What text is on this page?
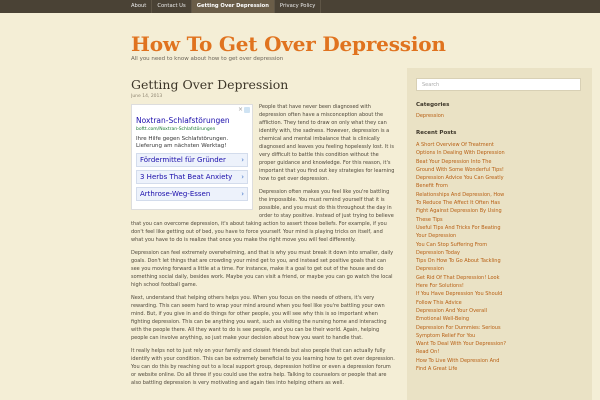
About	Contact Us	Getting Over Depression	Privacy Policy
How To Get Over Depression
All you need to know about how to get over depression
Getting Over Depression
June 14, 2013
×
Noxtran-Schlafstörungen
boftt.com/Noxtran-Schlafstörungen
Ihre Hilfe gegen Schlafstörungen. Lieferung am nächsten Werktag!
Fördermittel für Gründer ›
3 Herbs That Beat Anxiety ›
Arthrose-Weg-Essen	›

People that have never been diagnosed with depression often have a misconception about the affliction. They tend to draw on only what they can identify with, the sadness. However, depression is a chemical and mental imbalance that is clinically diagnosed and leaves you feeling hopelessly lost. It is very difficult to battle this condition without the proper guidance and knowledge. For this reason, it's important that you find out key strategies for learning how to get over depression.

Depression often makes you feel like you're battling the impossible. You must remind yourself that it is possible, and you must do this throughout the day in order to stay positive. Instead of just trying to believe that you can overcome depression, it's about taking action to assert those beliefs. For example, if you don't feel like getting out of bed, you have to force yourself. Your mind is playing tricks on itself, and what you have to do is realize that once you make the right move you will feel differently.

Depression can feel extremely overwhelming, and that is why you must break it down into smaller, daily goals. Don't let things that are crowding your mind get to you, and instead set positive goals that can see you moving forward a little at a time. For instance, make it a goal to get out of the house and do something social daily, besides work. Maybe you can visit a friend, or maybe you can go watch the local high school football game.

Next, understand that helping others helps you. When you focus on the needs of others, it's very rewarding. This can seem hard to wrap your mind around when you feel like you're battling your own mind. But, if you give in and do things for other people, you will see why this is so important when fighting depression. This can be anything you want, such as visiting the nursing home and interacting with the people there. All they want to do is see people, and you can be their world. Again, helping people can involve anything, so just make your decision about how you want to handle that.

It really helps not to just rely on your family and closest friends but also people that can actually fully identify with your condition. This can be extremely beneficial to you learning how to get over depression. You can do this by reaching out to a local support group, depression hotline or even a depression forum or website online. Do all three if you could use the extra help. Talking to counselors or people that are also battling depression is very motivating and again ties into helping others as well.

Search
Categories
Depression
Recent Posts
A Short Overview Of Treatment
Options In Dealing With Depression
Beat Your Depression Into The
Ground With Some Wonderful Tips!
Depression Advice You Can Greatly
Benefit From
Relationships And Depression, How
To Reduce The Affect It Often Has
Fight Against Depression By Using
These Tips
Useful Tips And Tricks For Beating
Your Depression
You Can Stop Suffering From
Depression Today
Tips On How To Go About Tackling
Depression
Get Rid Of That Depression! Look
Here For Solutions!
If You Have Depression You Should
Follow This Advice
Depression And Your Overall
Emotional Well-Being
Depression For Dummies: Serious
Symptom Relief For You
Want To Deal With Your Depression?
Read On!
How To Live With Depression And
Find A Great Life
